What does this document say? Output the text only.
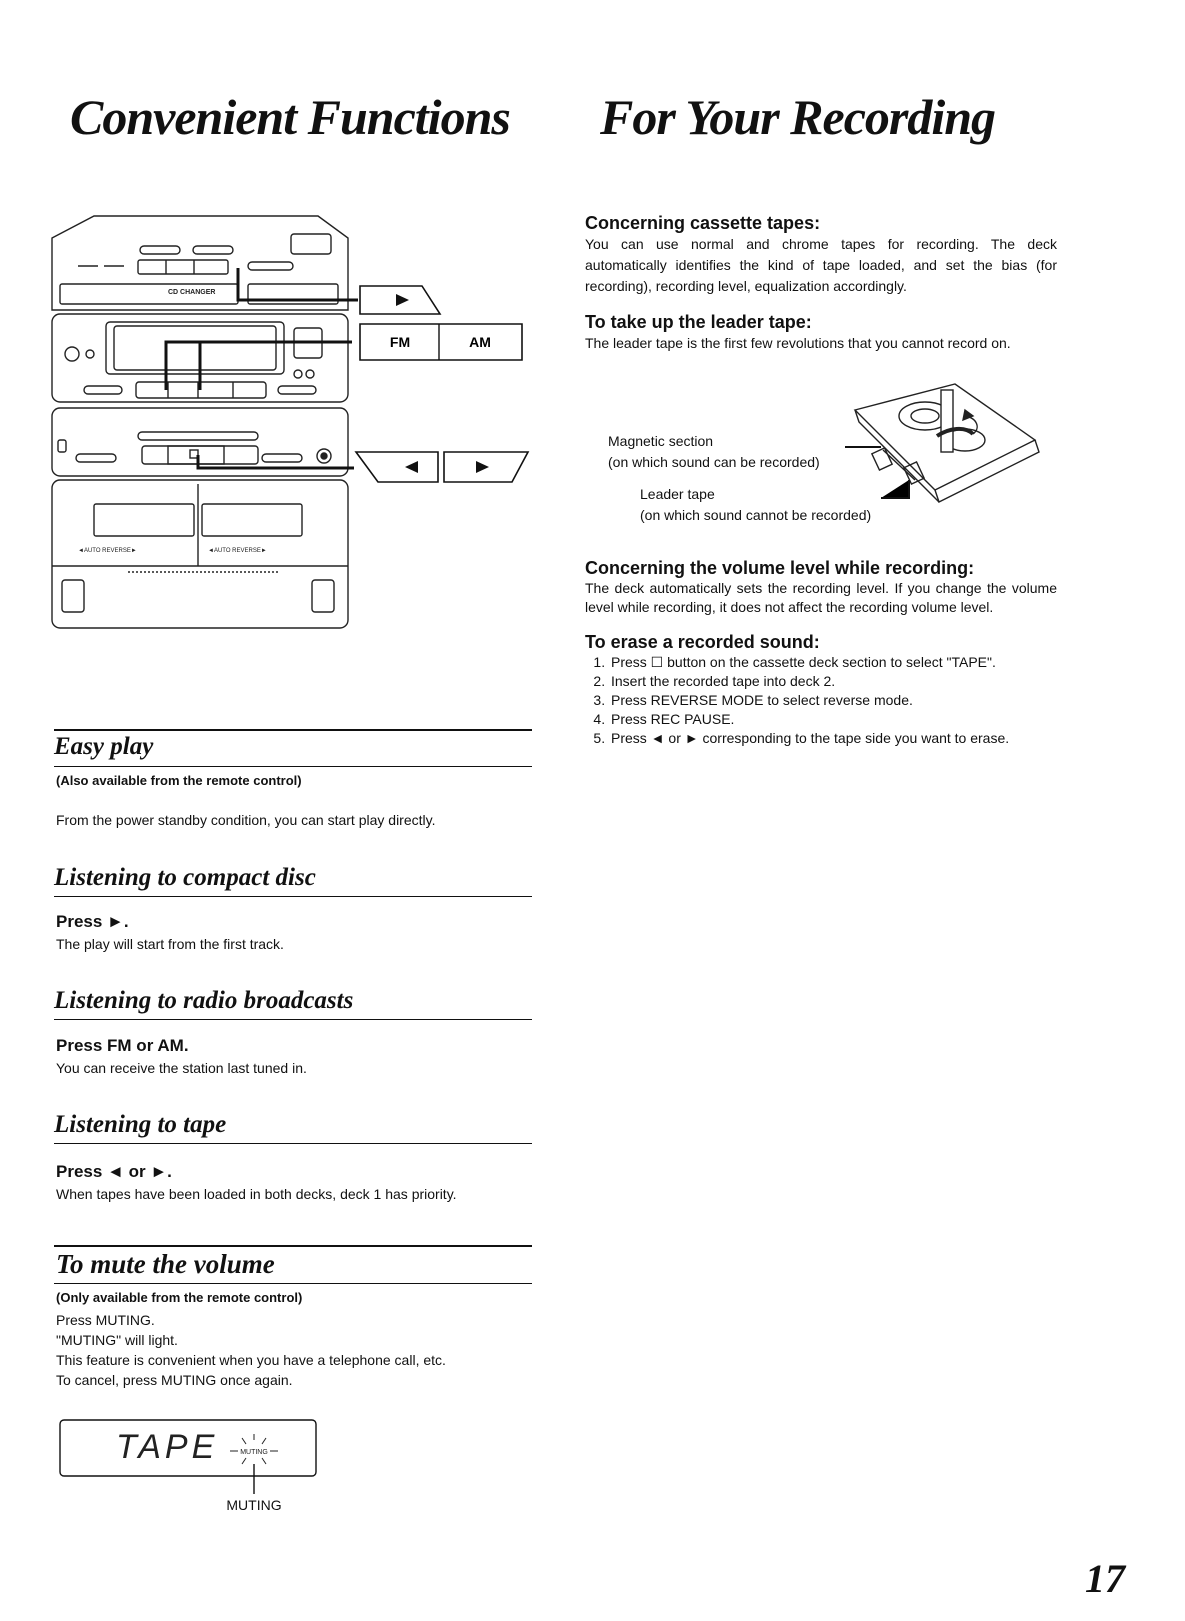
Convenient Functions For Your Recording
CD CHANGER
◄AUTO REVERSE►	◄AUTO REVERSE►
FM	AM
Easy play

(Also available from the remote control)

From the power standby condition, you can start play directly.

Listening to compact disc

Press ►.

The play will start from the first track.

Listening to radio broadcasts

Press FM or AM.

You can receive the station last tuned in.

Listening to tape

Press ◄ or ►.

When tapes have been loaded in both decks, deck 1 has priority.

To mute the volume

(Only available from the remote control)

Press MUTING.

"MUTING" will light.

This feature is convenient when you have a telephone call, etc.

To cancel, press MUTING once again.

TAPE	MUTING
MUTING

Concerning cassette tapes:

You can use normal and chrome tapes for recording. The deck automatically identifies the kind of tape loaded, and set the bias (for recording), recording level, equalization accordingly.

To take up the leader tape:

The leader tape is the first few revolutions that you cannot record on.

Magnetic section

(on which sound can be recorded)

Leader tape

(on which sound cannot be recorded)

Concerning the volume level while recording:

The deck automatically sets the recording level. If you change the volume level while recording, it does not affect the recording volume level.

To erase a recorded sound:

1. Press ☐ button on the cassette deck section to select "TAPE".
2. Insert the recorded tape into deck 2.
3. Press REVERSE MODE to select reverse mode.
4. Press REC PAUSE.
5. Press ◄ or ► corresponding to the tape side you want to erase.
17
